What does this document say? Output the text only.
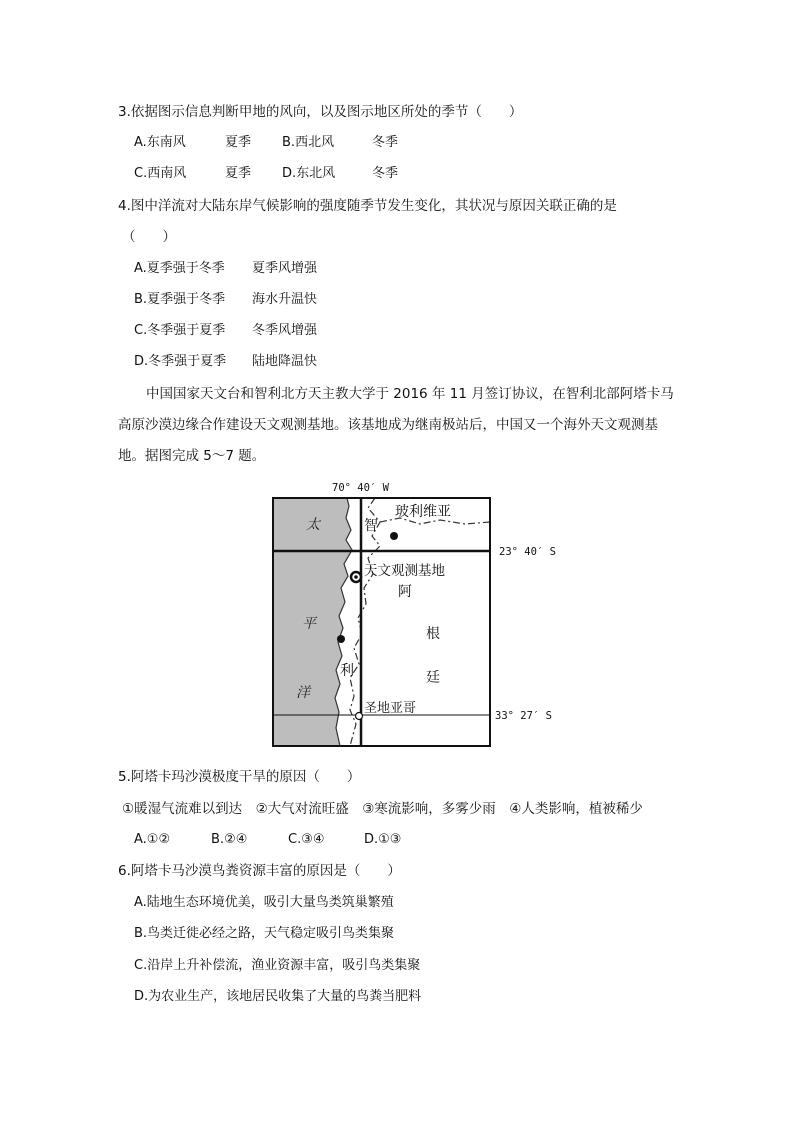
3.依据图示信息判断甲地的风向，以及图示地区所处的季节（　　）
A.东南风	夏季 B.西北风	冬季
C.西南风	夏季 D.东北风	冬季
4.图中洋流对大陆东岸气候影响的强度随季节发生变化，其状况与原因关联正确的是
（　　）
A.夏季强于冬季 夏季风增强
B.夏季强于冬季 海水升温快
C.冬季强于夏季 冬季风增强
D.冬季强于夏季 陆地降温快
中国国家天文台和智利北方天主教大学于 2016 年 11 月签订协议，在智利北部阿塔卡马
高原沙漠边缘合作建设天文观测基地。该基地成为继南极站后，中国又一个海外天文观测基
地。据图完成 5～7 题。
70° 40′ W
23° 40′ S
33° 27′ S
玻利维亚
智
利
阿
根
廷
太
平
洋
天文观测基地
圣地亚哥
5.阿塔卡玛沙漠极度干旱的原因（　　）
①暖湿气流难以到达　②大气对流旺盛　③寒流影响，多雾少雨　④人类影响，植被稀少
A.①②	B.②④	C.③④	D.①③
6.阿塔卡马沙漠鸟粪资源丰富的原因是（　　）
A.陆地生态环境优美，吸引大量鸟类筑巢繁殖
B.鸟类迁徙必经之路，天气稳定吸引鸟类集聚
C.沿岸上升补偿流，渔业资源丰富，吸引鸟类集聚
D.为农业生产，该地居民收集了大量的鸟粪当肥料
